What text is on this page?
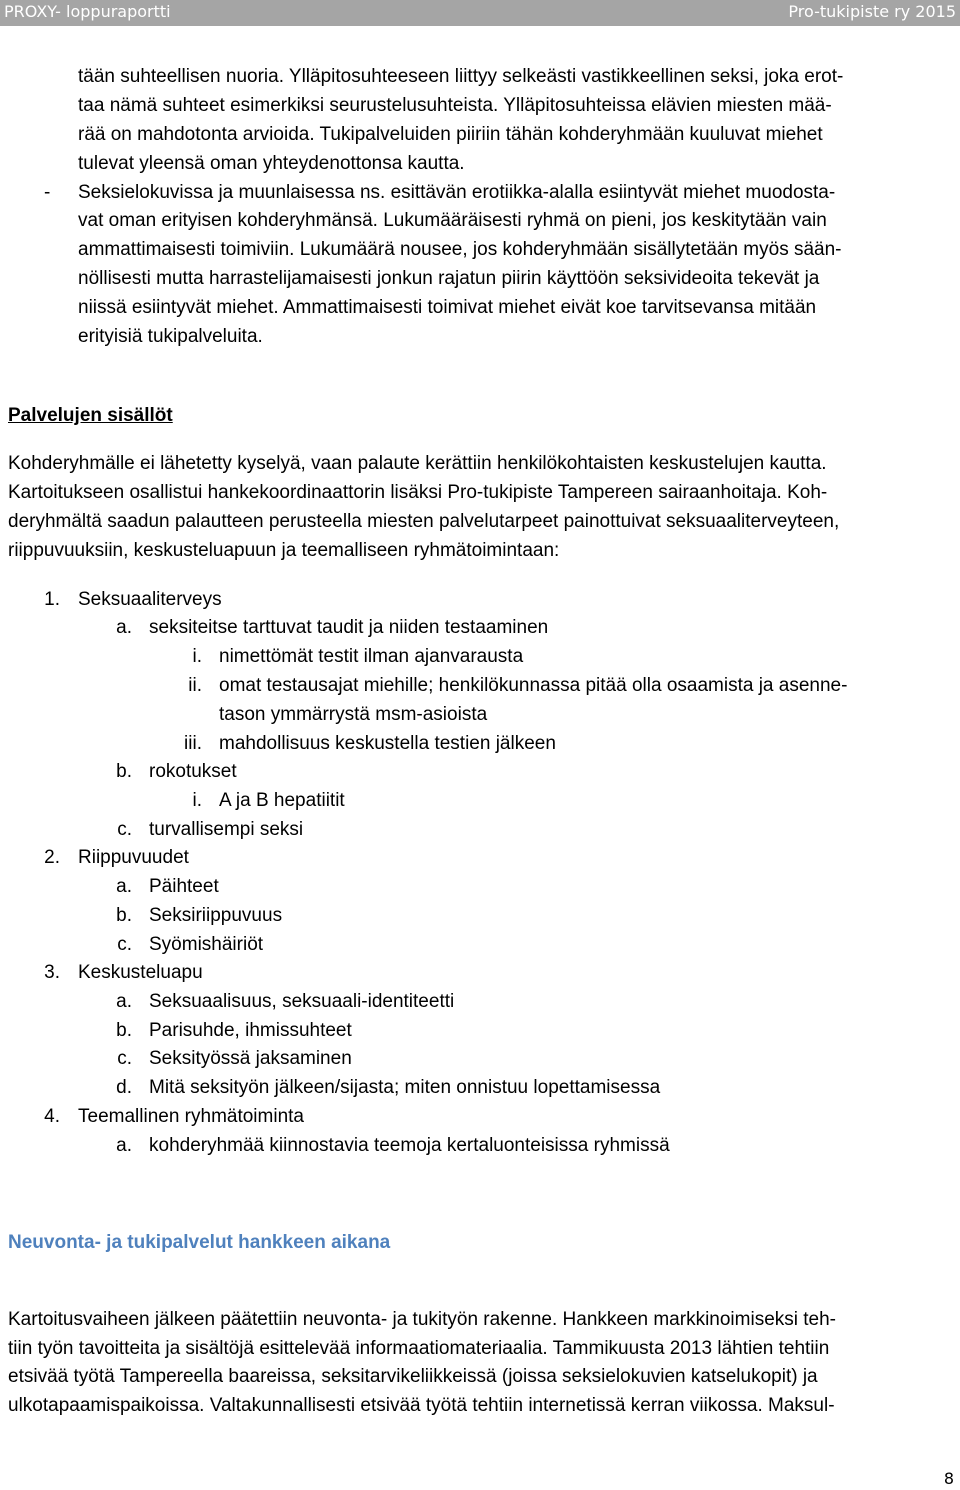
PROXY- loppuraportti	Pro-tukipiste ry 2015
tään suhteellisen nuoria. Ylläpitosuhteeseen liittyy selkeästi vastikkeellinen seksi, joka erot-
taa nämä suhteet esimerkiksi seurustelusuhteista. Ylläpitosuhteissa elävien miesten mää-
rää on mahdotonta arvioida. Tukipalveluiden piiriin tähän kohderyhmään kuuluvat miehet
tulevat yleensä oman yhteydenottonsa kautta.
- Seksielokuvissa ja muunlaisessa ns. esittävän erotiikka-alalla esiintyvät miehet muodosta-
vat oman erityisen kohderyhmänsä. Lukumääräisesti ryhmä on pieni, jos keskitytään vain
ammattimaisesti toimiviin. Lukumäärä nousee, jos kohderyhmään sisällytetään myös sään-
nöllisesti mutta harrastelijamaisesti jonkun rajatun piirin käyttöön seksivideoita tekevät ja
niissä esiintyvät miehet. Ammattimaisesti toimivat miehet eivät koe tarvitsevansa mitään
erityisiä tukipalveluita.
Palvelujen sisällöt
Kohderyhmälle ei lähetetty kyselyä, vaan palaute kerättiin henkilökohtaisten keskustelujen kautta.
Kartoitukseen osallistui hankekoordinaattorin lisäksi Pro-tukipiste Tampereen sairaanhoitaja. Koh-
deryhmältä saadun palautteen perusteella miesten palvelutarpeet painottuivat seksuaaliterveyteen,
riippuvuuksiin, keskusteluapuun ja teemalliseen ryhmätoimintaan:
1. Seksuaaliterveys
a. seksiteitse tarttuvat taudit ja niiden testaaminen
i. nimettömät testit ilman ajanvarausta
ii. omat testausajat miehille; henkilökunnassa pitää olla osaamista ja asenne-
tason ymmärrystä msm-asioista
iii. mahdollisuus keskustella testien jälkeen
b. rokotukset
i. A ja B hepatiitit
c. turvallisempi seksi
2. Riippuvuudet
a. Päihteet
b. Seksiriippuvuus
c. Syömishäiriöt
3. Keskusteluapu
a. Seksuaalisuus, seksuaali-identiteetti
b. Parisuhde, ihmissuhteet
c. Seksityössä jaksaminen
d. Mitä seksityön jälkeen/sijasta; miten onnistuu lopettamisessa
4. Teemallinen ryhmätoiminta
a. kohderyhmää kiinnostavia teemoja kertaluonteisissa ryhmissä
Neuvonta- ja tukipalvelut hankkeen aikana
Kartoitusvaiheen jälkeen päätettiin neuvonta- ja tukityön rakenne. Hankkeen markkinoimiseksi teh-
tiin työn tavoitteita ja sisältöjä esittelevää informaatiomateriaalia. Tammikuusta 2013 lähtien tehtiin
etsivää työtä Tampereella baareissa, seksitarvikeliikkeissä (joissa seksielokuvien katselukopit) ja
ulkotapaamispaikoissa. Valtakunnallisesti etsivää työtä tehtiin internetissä kerran viikossa. Maksul-
8
